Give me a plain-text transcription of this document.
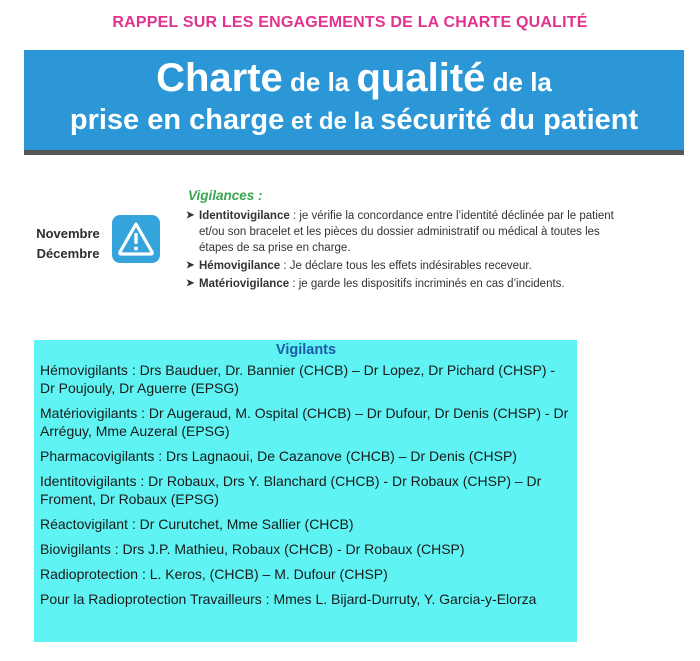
RAPPEL SUR LES ENGAGEMENTS DE LA CHARTE QUALITÉ
Charte de la qualité de la
prise en charge et de la sécurité du patient
Novembre
Décembre
Vigilances :
➤ Identitovigilance : je vérifie la concordance entre l’identité déclinée par le patient et/ou son bracelet et les pièces du dossier administratif ou médical à toutes les étapes de sa prise en charge.
➤ Hémovigilance : Je déclare tous les effets indésirables receveur.
➤ Matériovigilance : je garde les dispositifs incriminés en cas d’incidents.
Vigilants
Hémovigilants : Drs Bauduer, Dr. Bannier (CHCB) – Dr Lopez, Dr Pichard (CHSP) - Dr Poujouly, Dr Aguerre (EPSG)
Matériovigilants : Dr Augeraud, M. Ospital (CHCB) – Dr Dufour, Dr Denis (CHSP) - Dr Arréguy, Mme Auzeral (EPSG)
Pharmacovigilants : Drs Lagnaoui, De Cazanove (CHCB) – Dr Denis (CHSP)
Identitovigilants : Dr Robaux, Drs Y. Blanchard (CHCB) - Dr Robaux (CHSP) – Dr Froment, Dr Robaux (EPSG)
Réactovigilant : Dr Curutchet, Mme Sallier (CHCB)
Biovigilants : Drs J.P. Mathieu, Robaux (CHCB) - Dr Robaux (CHSP)
Radioprotection : L. Keros, (CHCB) – M. Dufour (CHSP)
Pour la Radioprotection Travailleurs : Mmes L. Bijard-Durruty, Y. Garcia-y-Elorza
